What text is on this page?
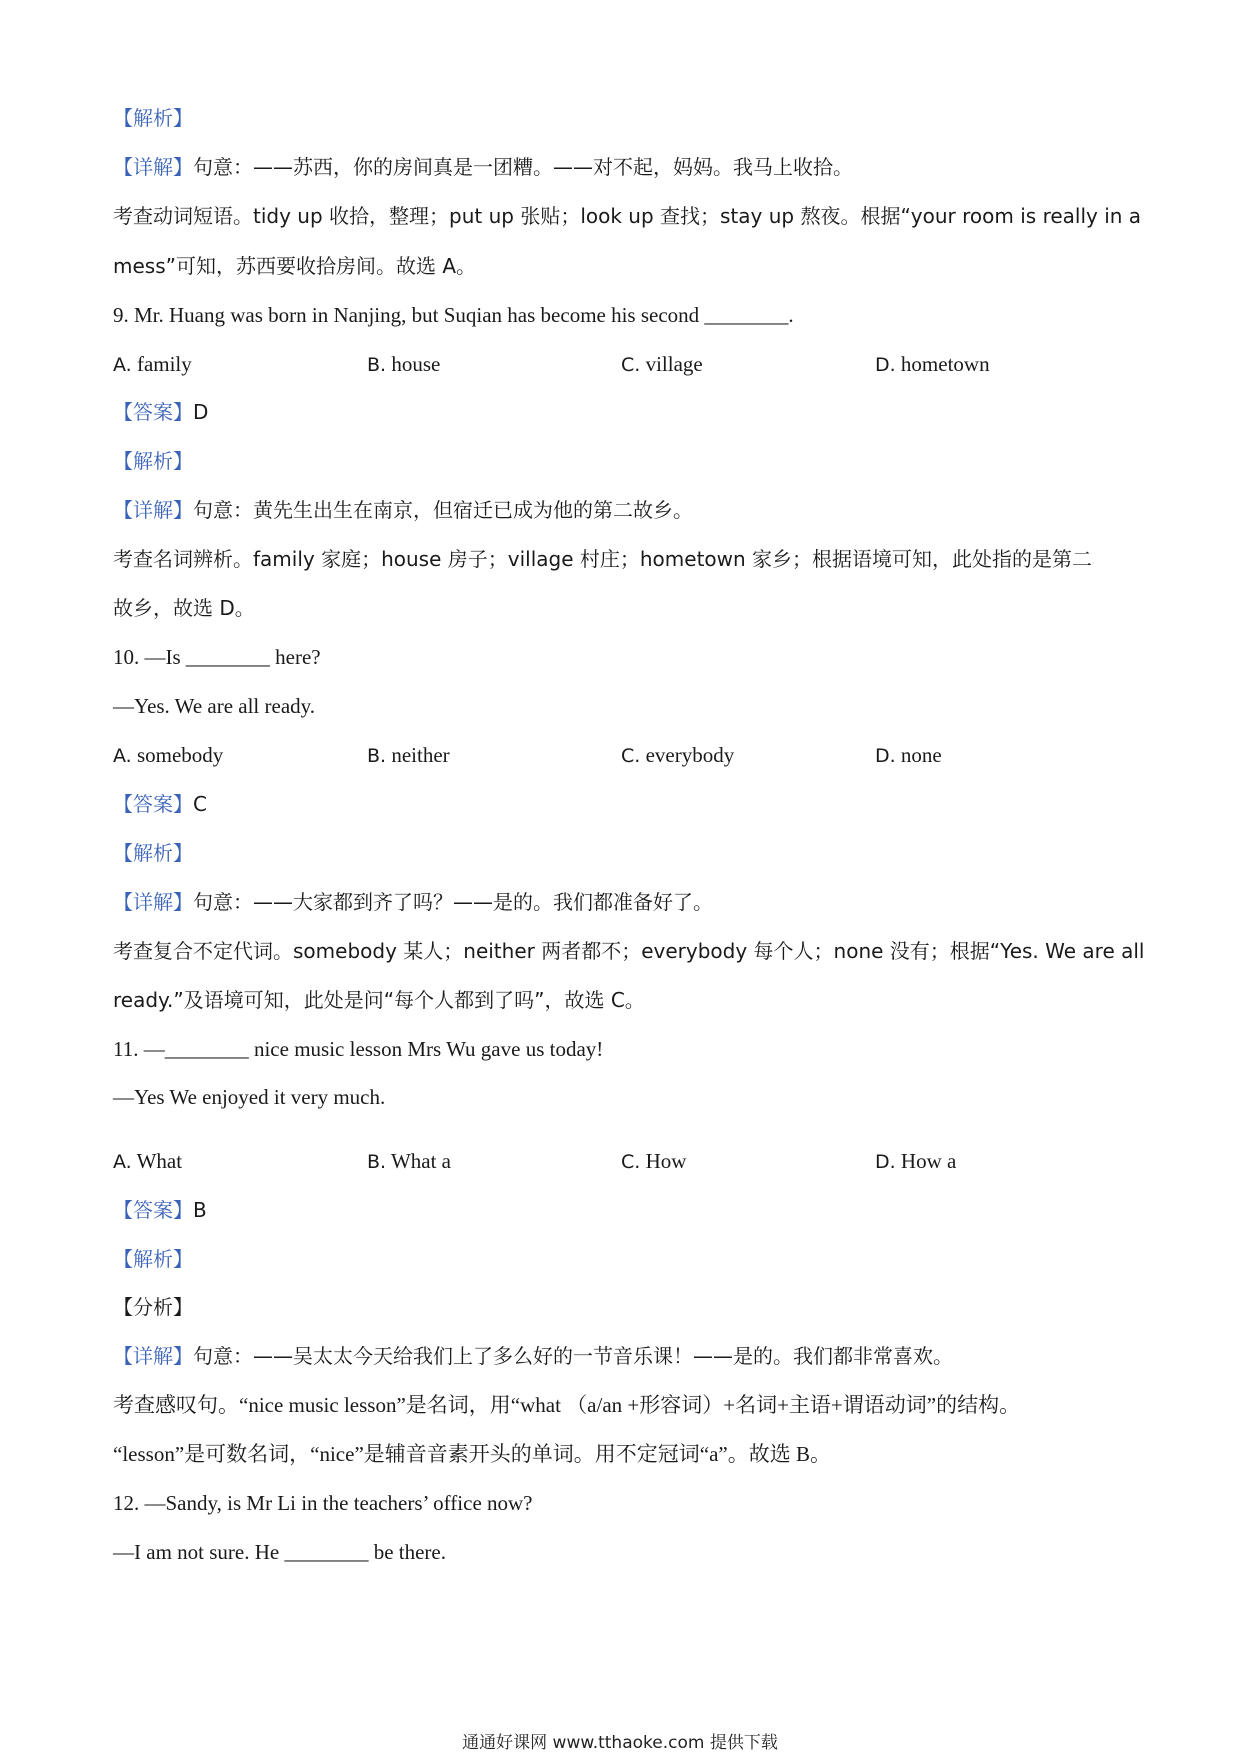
【解析】
【详解】句意：——苏西，你的房间真是一团糟。——对不起，妈妈。我马上收拾。
考查动词短语。tidy up 收拾，整理；put up 张贴；look up 查找；stay up 熬夜。根据“your room is really in a
mess”可知，苏西要收拾房间。故选 A。
9. Mr. Huang was born in Nanjing, but Suqian has become his second ________.
A. family	B. house	C. village	D. hometown
【答案】D
【解析】
【详解】句意：黄先生出生在南京，但宿迁已成为他的第二故乡。
考查名词辨析。family 家庭；house 房子；village 村庄；hometown 家乡；根据语境可知，此处指的是第二
故乡，故选 D。
10. —Is ________ here?
—Yes. We are all ready.
A. somebody	B. neither	C. everybody	D. none
【答案】C
【解析】
【详解】句意：——大家都到齐了吗？——是的。我们都准备好了。
考查复合不定代词。somebody 某人；neither 两者都不；everybody 每个人；none 没有；根据“Yes. We are all
ready.”及语境可知，此处是问“每个人都到了吗”，故选 C。
11. —________ nice music lesson Mrs Wu gave us today!
—Yes We enjoyed it very much.
A. What	B. What a	C. How	D. How a
【答案】B
【解析】
【分析】
【详解】句意：——吴太太今天给我们上了多么好的一节音乐课！——是的。我们都非常喜欢。
考查感叹句。“nice music lesson”是名词，用“what （a/an +形容词）+名词+主语+谓语动词”的结构。
“lesson”是可数名词，“nice”是辅音音素开头的单词。用不定冠词“a”。故选 B。
12. —Sandy, is Mr Li in the teachers’ office now?
—I am not sure. He ________ be there.
通通好课网 www.tthaoke.com 提供下载
